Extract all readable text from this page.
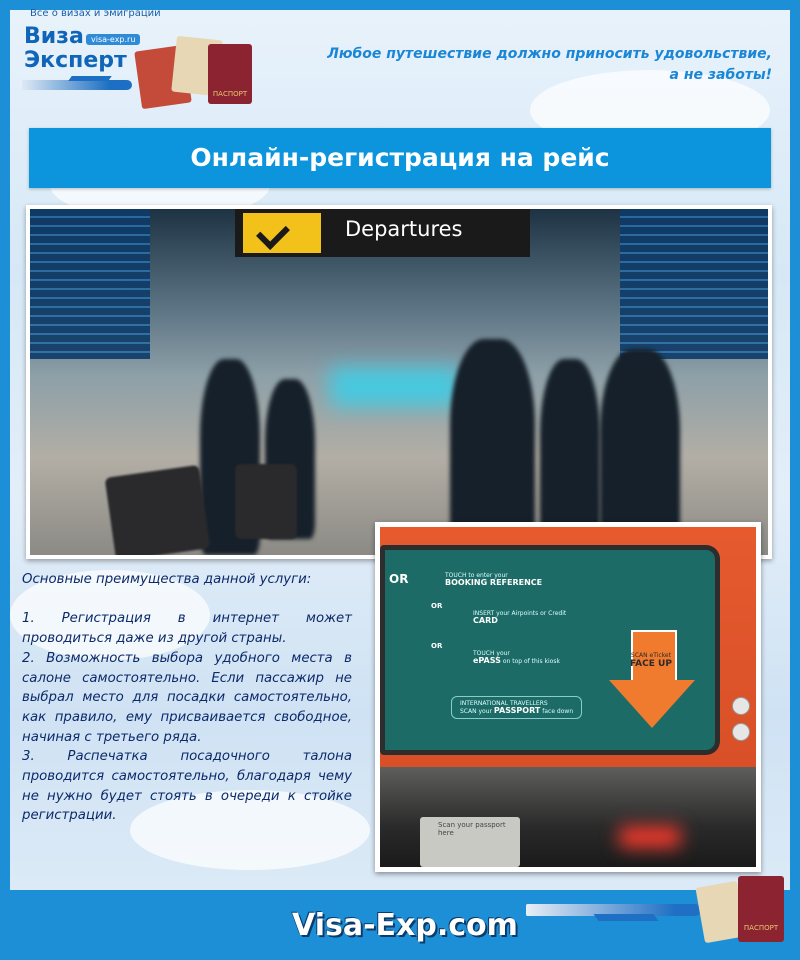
Все о визах и эмиграции
Виза
Эксперт
visa-exp.ru
ПАСПОРТ
Любое путешествие должно приносить удовольствие,
а не заботы!
Онлайн-регистрация на рейс
Departures
OR	TOUCH to enter your
BOOKING REFERENCE
OR
INSERT your Airpoints or Credit
CARD
OR
TOUCH your
ePASS on top of this kiosk
INTERNATIONAL TRAVELLERS
SCAN your PASSPORT face down
SCAN eTicket
FACE UP
Scan your passport here

Основные преимущества данной услуги:

1. Регистрация в интернет может проводиться даже из другой страны.

2. Возможность выбора удобного места в салоне самостоятельно. Если пассажир не выбрал место для посадки самостоятельно, как правило, ему присваивается свободное, начиная с третьего ряда.

3. Распечатка посадочного талона проводится самостоятельно, благодаря чему не нужно будет стоять в очереди к стойке регистрации.

Visa-Exp.com	ПАСПОРТ
